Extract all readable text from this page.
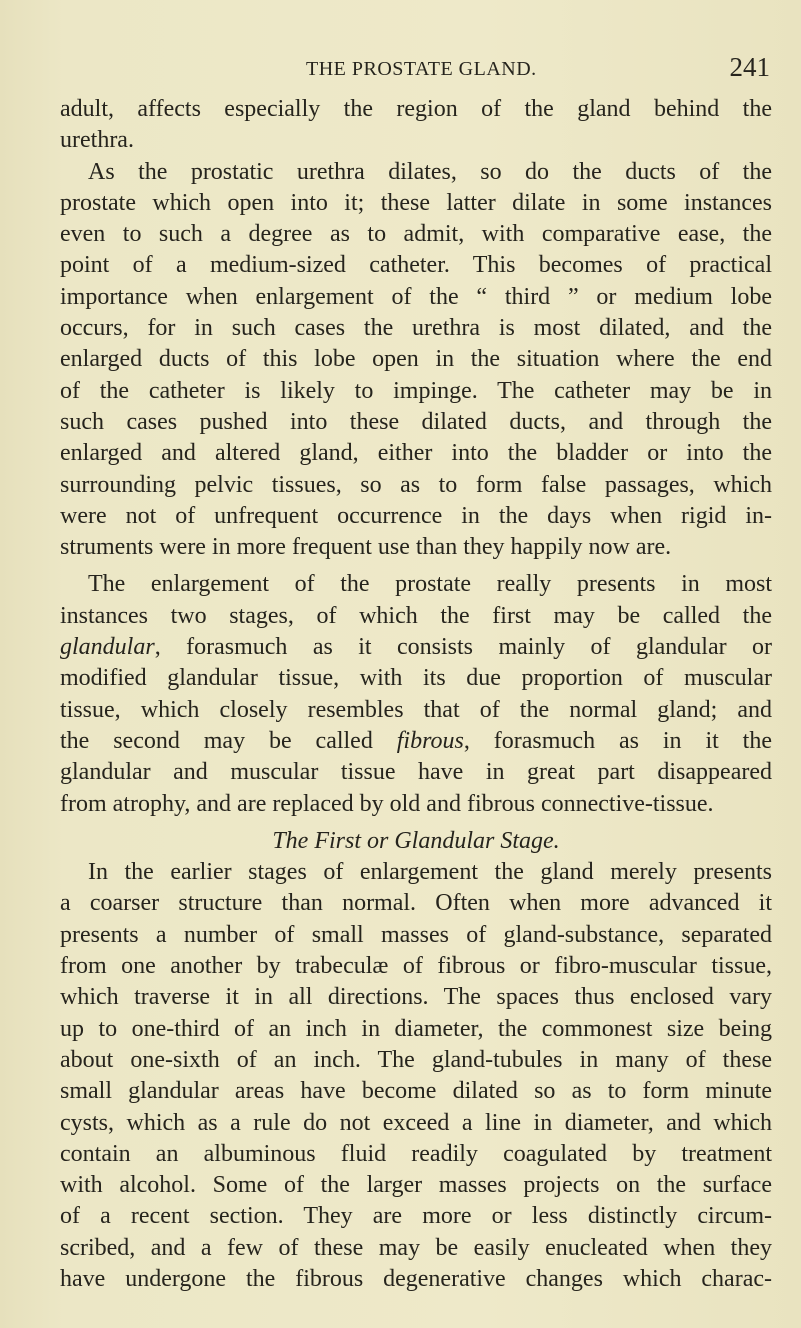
THE PROSTATE GLAND.	241
adult, affects especially the region of the gland behind the
urethra.
As the prostatic urethra dilates, so do the ducts of the
prostate which open into it; these latter dilate in some instances
even to such a degree as to admit, with comparative ease, the
point of a medium-sized catheter. This becomes of practical
importance when enlargement of the “ third ” or medium lobe
occurs, for in such cases the urethra is most dilated, and the
enlarged ducts of this lobe open in the situation where the end
of the catheter is likely to impinge. The catheter may be in
such cases pushed into these dilated ducts, and through the
enlarged and altered gland, either into the bladder or into the
surrounding pelvic tissues, so as to form false passages, which
were not of unfrequent occurrence in the days when rigid in-
struments were in more frequent use than they happily now are.
The enlargement of the prostate really presents in most
instances two stages, of which the first may be called the
glandular, forasmuch as it consists mainly of glandular or
modified glandular tissue, with its due proportion of muscular
tissue, which closely resembles that of the normal gland; and
the second may be called fibrous, forasmuch as in it the
glandular and muscular tissue have in great part disappeared
from atrophy, and are replaced by old and fibrous connective-tissue.
The First or Glandular Stage.
In the earlier stages of enlargement the gland merely presents
a coarser structure than normal. Often when more advanced it
presents a number of small masses of gland-substance, separated
from one another by trabeculæ of fibrous or fibro-muscular tissue,
which traverse it in all directions. The spaces thus enclosed vary
up to one-third of an inch in diameter, the commonest size being
about one-sixth of an inch. The gland-tubules in many of these
small glandular areas have become dilated so as to form minute
cysts, which as a rule do not exceed a line in diameter, and which
contain an albuminous fluid readily coagulated by treatment
with alcohol. Some of the larger masses projects on the surface
of a recent section. They are more or less distinctly circum-
scribed, and a few of these may be easily enucleated when they
have undergone the fibrous degenerative changes which charac-
